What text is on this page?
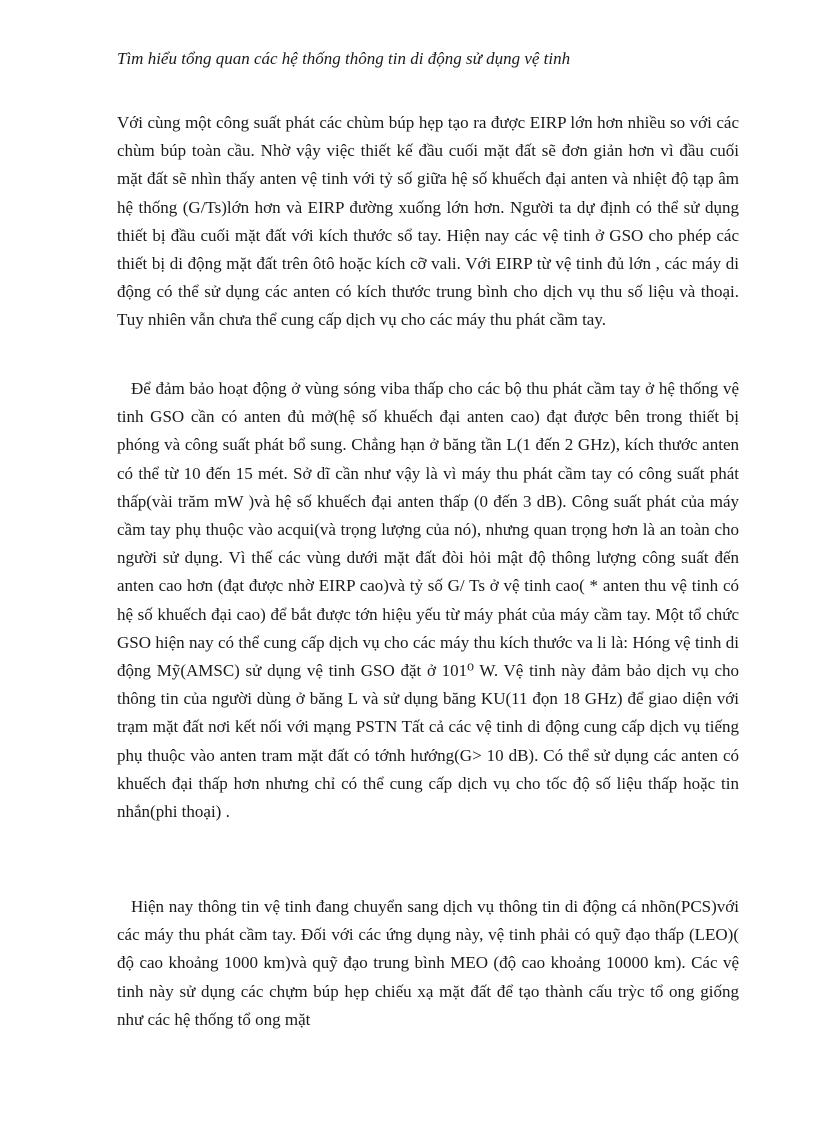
Tìm hiểu tổng quan các hệ thống thông tin di động sử dụng vệ tinh

Với cùng một công suất phát các chùm búp hẹp tạo ra được EIRP lớn hơn nhiều so với các chùm búp toàn cầu. Nhờ vậy việc thiết kế đầu cuối mặt đất sẽ đơn giản hơn vì đầu cuối mặt đất sẽ nhìn thấy anten vệ tinh với tỷ số giữa hệ số khuếch đại anten và nhiệt độ tạp âm hệ thống (G/Ts)lớn hơn và EIRP đường xuống lớn hơn. Người ta dự định có thể sử dụng thiết bị đầu cuối mặt đất với kích thước sổ tay. Hiện nay các vệ tinh ở GSO cho phép các thiết bị di động mặt đất trên ôtô hoặc kích cỡ vali. Với EIRP từ vệ tinh đủ lớn , các máy di động có thể sử dụng các anten có kích thước trung bình cho dịch vụ thu số liệu và thoại. Tuy nhiên vẫn chưa thể cung cấp dịch vụ cho các máy thu phát cầm tay.

Để đảm bảo hoạt động ở vùng sóng viba thấp cho các bộ thu phát cầm tay ở hệ thống vệ tinh GSO cần có anten đủ mở(hệ số khuếch đại anten cao) đạt được bên trong thiết bị phóng và công suất phát bổ sung. Chẳng hạn ở băng tần L(1 đến 2 GHz), kích thước anten có thể từ 10 đến 15 mét. Sở dĩ cần như vậy là vì máy thu phát cầm tay có công suất phát thấp(vài trăm mW )và hệ số khuếch đại anten thấp (0 đến 3 dB). Công suất phát của máy cầm tay phụ thuộc vào acqui(và trọng lượng của nó), nhưng quan trọng hơn là an toàn cho người sử dụng. Vì thế các vùng dưới mặt đất đòi hỏi mật độ thông lượng công suất đến anten cao hơn (đạt được nhờ EIRP cao)và tỷ số G/ Ts ở vệ tinh cao( * anten thu vệ tinh có hệ số khuếch đại cao) để bắt được tớn hiệu yếu từ máy phát của máy cầm tay. Một tổ chức GSO hiện nay có thể cung cấp dịch vụ cho các máy thu kích thước va li là: Hóng vệ tinh di động Mỹ(AMSC) sử dụng vệ tinh GSO đặt ở 101⁰ W. Vệ tinh này đảm bảo dịch vụ cho thông tin của người dùng ở băng L và sử dụng băng KU(11 đọn 18 GHz) để giao diện với trạm mặt đất nơi kết nối với mạng PSTN Tất cả các vệ tinh di động cung cấp dịch vụ tiếng phụ thuộc vào anten tram mặt đất có tớnh hướng(G> 10 dB). Có thể sử dụng các anten có khuếch đại thấp hơn nhưng chỉ có thể cung cấp dịch vụ cho tốc độ số liệu thấp hoặc tin nhắn(phi thoại) .

Hiện nay thông tin vệ tinh đang chuyển sang dịch vụ thông tin di động cá nhõn(PCS)với các máy thu phát cầm tay. Đối với các ứng dụng này, vệ tinh phải có quỹ đạo thấp (LEO)( độ cao khoảng 1000 km)và quỹ đạo trung bình MEO (độ cao khoảng 10000 km). Các vệ tinh này sử dụng các chựm búp hẹp chiếu xạ mặt đất để tạo thành cấu trỳc tổ ong giống như các hệ thống tổ ong mặt
